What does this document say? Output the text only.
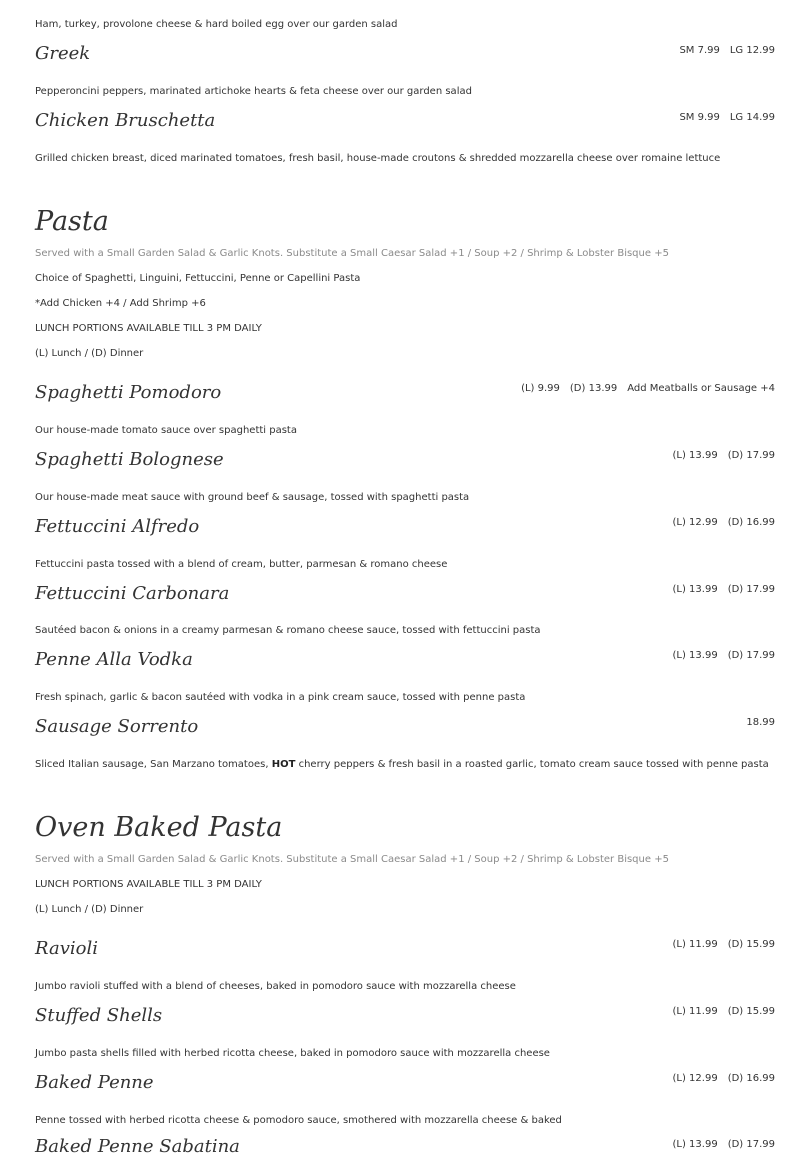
Ham, turkey, provolone cheese & hard boiled egg over our garden salad
Greek	SM 7.99 LG 12.99
Pepperoncini peppers, marinated artichoke hearts & feta cheese over our garden salad
Chicken Bruschetta	SM 9.99 LG 14.99
Grilled chicken breast, diced marinated tomatoes, fresh basil, house-made croutons & shredded mozzarella cheese over romaine lettuce
Pasta
Served with a Small Garden Salad & Garlic Knots. Substitute a Small Caesar Salad +1 / Soup +2 / Shrimp & Lobster Bisque +5
Choice of Spaghetti, Linguini, Fettuccini, Penne or Capellini Pasta
*Add Chicken +4 / Add Shrimp +6
LUNCH PORTIONS AVAILABLE TILL 3 PM DAILY
(L) Lunch / (D) Dinner
Spaghetti Pomodoro	(L) 9.99 (D) 13.99 Add Meatballs or Sausage +4
Our house-made tomato sauce over spaghetti pasta
Spaghetti Bolognese	(L) 13.99 (D) 17.99
Our house-made meat sauce with ground beef & sausage, tossed with spaghetti pasta
Fettuccini Alfredo	(L) 12.99 (D) 16.99
Fettuccini pasta tossed with a blend of cream, butter, parmesan & romano cheese
Fettuccini Carbonara	(L) 13.99 (D) 17.99
Sautéed bacon & onions in a creamy parmesan & romano cheese sauce, tossed with fettuccini pasta
Penne Alla Vodka	(L) 13.99 (D) 17.99
Fresh spinach, garlic & bacon sautéed with vodka in a pink cream sauce, tossed with penne pasta
Sausage Sorrento	18.99
Sliced Italian sausage, San Marzano tomatoes, HOT cherry peppers & fresh basil in a roasted garlic, tomato cream sauce tossed with penne pasta
Oven Baked Pasta
Served with a Small Garden Salad & Garlic Knots. Substitute a Small Caesar Salad +1 / Soup +2 / Shrimp & Lobster Bisque +5
LUNCH PORTIONS AVAILABLE TILL 3 PM DAILY
(L) Lunch / (D) Dinner
Ravioli	(L) 11.99 (D) 15.99
Jumbo ravioli stuffed with a blend of cheeses, baked in pomodoro sauce with mozzarella cheese
Stuffed Shells	(L) 11.99 (D) 15.99
Jumbo pasta shells filled with herbed ricotta cheese, baked in pomodoro sauce with mozzarella cheese
Baked Penne	(L) 12.99 (D) 16.99
Penne tossed with herbed ricotta cheese & pomodoro sauce, smothered with mozzarella cheese & baked
Baked Penne Sabatina	(L) 13.99 (D) 17.99
